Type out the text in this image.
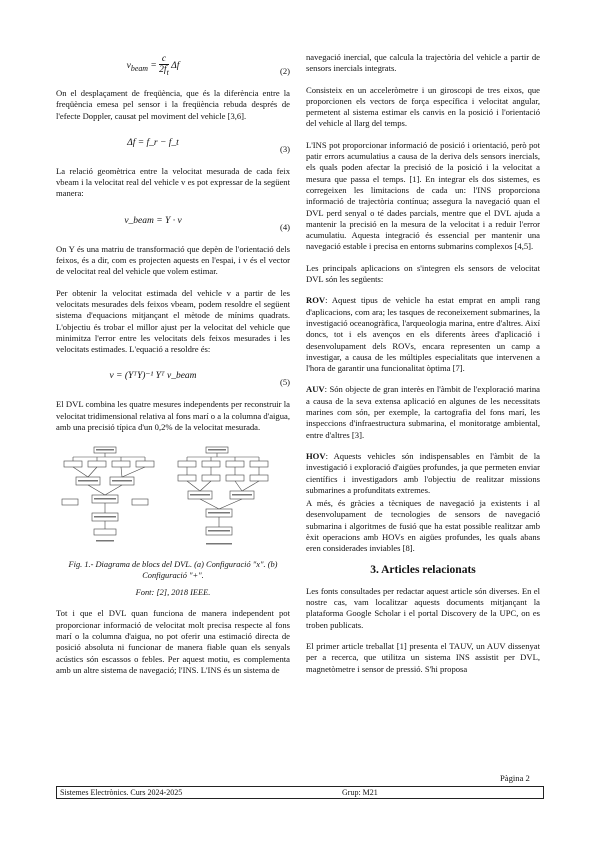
$v_{beam} = \frac{c}{2f_t}$ Δf	(2)

On el desplaçament de freqüència, que és la diferència entre la freqüència emesa pel sensor i la freqüència rebuda després de l'efecte Doppler, causat pel moviment del vehicle [3,6].

Δf = f_r − f_t
(3)

La relació geomètrica entre la velocitat mesurada de cada feix vbeam i la velocitat real del vehicle v es pot expressar de la següent manera:

v_beam = Y · v
(4)

On Y és una matriu de transformació que depèn de l'orientació dels feixos, és a dir, com es projecten aquests en l'espai, i v és el vector de velocitat real del vehicle que volem estimar.

Per obtenir la velocitat estimada del vehicle v a partir de les velocitats mesurades dels feixos vbeam, podem resoldre el següent sistema d'equacions mitjançant el mètode de mínims quadrats. L'objectiu és trobar el millor ajust per la velocitat del vehicle que minimitza l'error entre les velocitats dels feixos mesurades i les velocitats estimades. L'equació a resoldre és:

v = (YᵀY)⁻¹ Yᵀ v_beam
(5)

El DVL combina les quatre mesures independents per reconstruir la velocitat tridimensional relativa al fons marí o a la columna d'aigua, amb una precisió típica d'un 0,2% de la velocitat mesurada.

Fig. 1.- Diagrama de blocs del DVL. (a) Configuració "x". (b) Configuració "+".
Font: [2], 2018 IEEE.

Tot i que el DVL quan funciona de manera independent pot proporcionar informació de velocitat molt precisa respecte al fons marí o la columna d'aigua, no pot oferir una estimació directa de posició absoluta ni funcionar de manera fiable quan els senyals acústics són escassos o febles. Per aquest motiu, es complementa amb un altre sistema de navegació; l'INS. L'INS és un sistema de

navegació inercial, que calcula la trajectòria del vehicle a partir de sensors inercials integrats.

Consisteix en un acceleròmetre i un giroscopi de tres eixos, que proporcionen els vectors de força específica i velocitat angular, permetent al sistema estimar els canvis en la posició i l'orientació del vehicle al llarg del temps.

L'INS pot proporcionar informació de posició i orientació, però pot patir errors acumulatius a causa de la deriva dels sensors inercials, els quals poden afectar la precisió de la posició i la velocitat a mesura que passa el temps. [1]. En integrar els dos sistemes, es corregeixen les limitacions de cada un: l'INS proporciona informació de trajectòria contínua; assegura la navegació quan el DVL perd senyal o té dades parcials, mentre que el DVL ajuda a mantenir la precisió en la mesura de la velocitat i a reduir l'error acumulatiu. Aquesta integració és essencial per mantenir una navegació estable i precisa en entorns submarins complexos [4,5].

Les principals aplicacions on s'integren els sensors de velocitat DVL són les següents:

ROV: Aquest tipus de vehicle ha estat emprat en ampli rang d'aplicacions, com ara; les tasques de reconeixement submarines, la investigació oceanogràfica, l'arqueologia marina, entre d'altres. Així doncs, tot i els avenços en els diferents àrees d'aplicació i desenvolupament dels ROVs, encara representen un camp a investigar, a causa de les múltiples especialitats que intervenen a l'hora de garantir una funcionalitat òptima [7].

AUV: Són objecte de gran interès en l'àmbit de l'exploració marina a causa de la seva extensa aplicació en algunes de les necessitats marines com són, per exemple, la cartografia del fons marí, les inspeccions d'infraestructura submarina, el monitoratge ambiental, entre d'altres [3].

HOV: Aquests vehicles són indispensables en l'àmbit de la investigació i exploració d'aigües profundes, ja que permeten enviar científics i investigadors amb l'objectiu de realitzar missions submarines a profunditats extremes.

A més, és gràcies a tècniques de navegació ja existents i al desenvolupament de tecnologies de sensors de navegació submarina i algoritmes de fusió que ha estat possible realitzar amb èxit operacions amb HOVs en aigües profundes, les quals abans eren considerades inviables [8].

3. Articles relacionats

Les fonts consultades per redactar aquest article són diverses. En el nostre cas, vam localitzar aquests documents mitjançant la plataforma Google Scholar i el portal Discovery de la UPC, on es troben publicats.

El primer article treballat [1] presenta el TAUV, un AUV dissenyat per a recerca, que utilitza un sistema INS assistit per DVL, magnetòmetre i sensor de pressió. S'hi proposa

Pàgina 2
Sistemes Electrònics. Curs 2024-2025	Grup: M21
